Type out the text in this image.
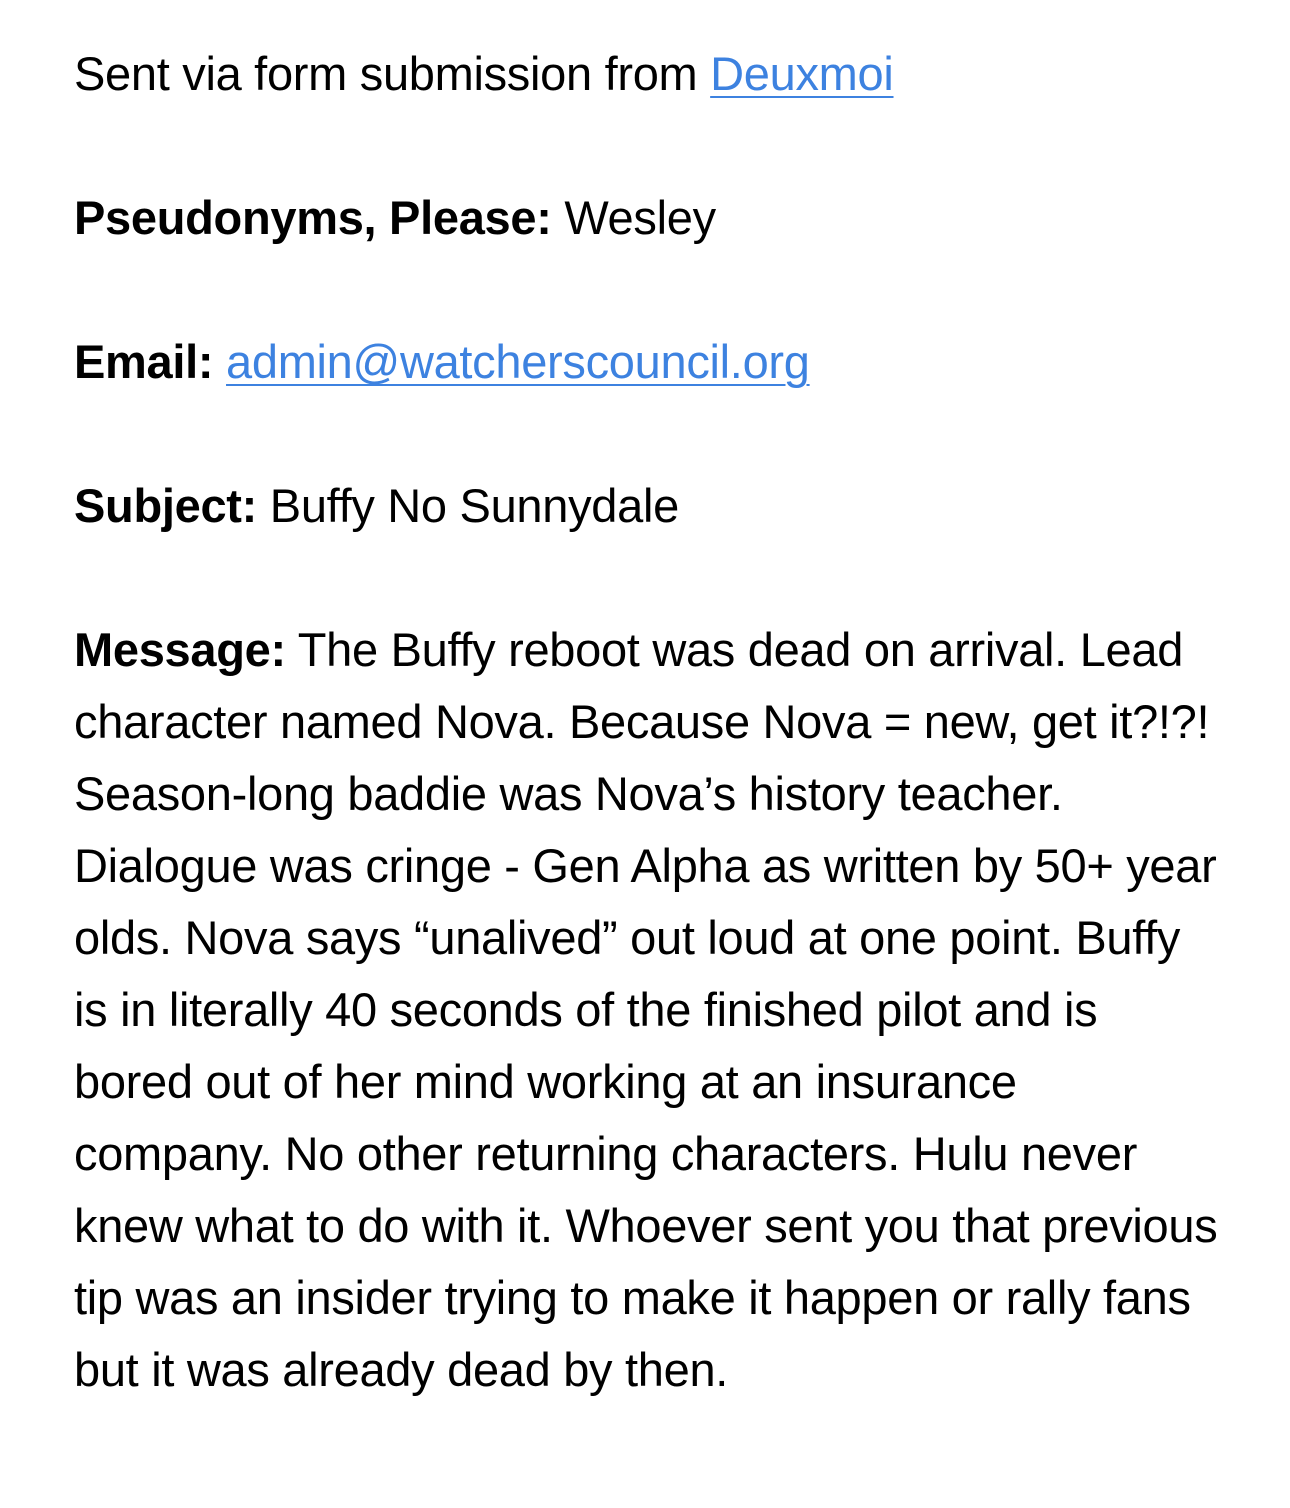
Sent via form submission from Deuxmoi

Pseudonyms, Please: Wesley

Email: admin@watcherscouncil.org

Subject: Buffy No Sunnydale

Message: The Buffy reboot was dead on arrival. Lead character named Nova. Because Nova = new, get it?!?! Season-long baddie was Nova’s history teacher. Dialogue was cringe - Gen Alpha as written by 50+ year olds. Nova says “unalived” out loud at one point. Buffy is in literally 40 seconds of the finished pilot and is bored out of her mind working at an insurance company. No other returning characters. Hulu never knew what to do with it. Whoever sent you that previous tip was an insider trying to make it happen or rally fans but it was already dead by then.
